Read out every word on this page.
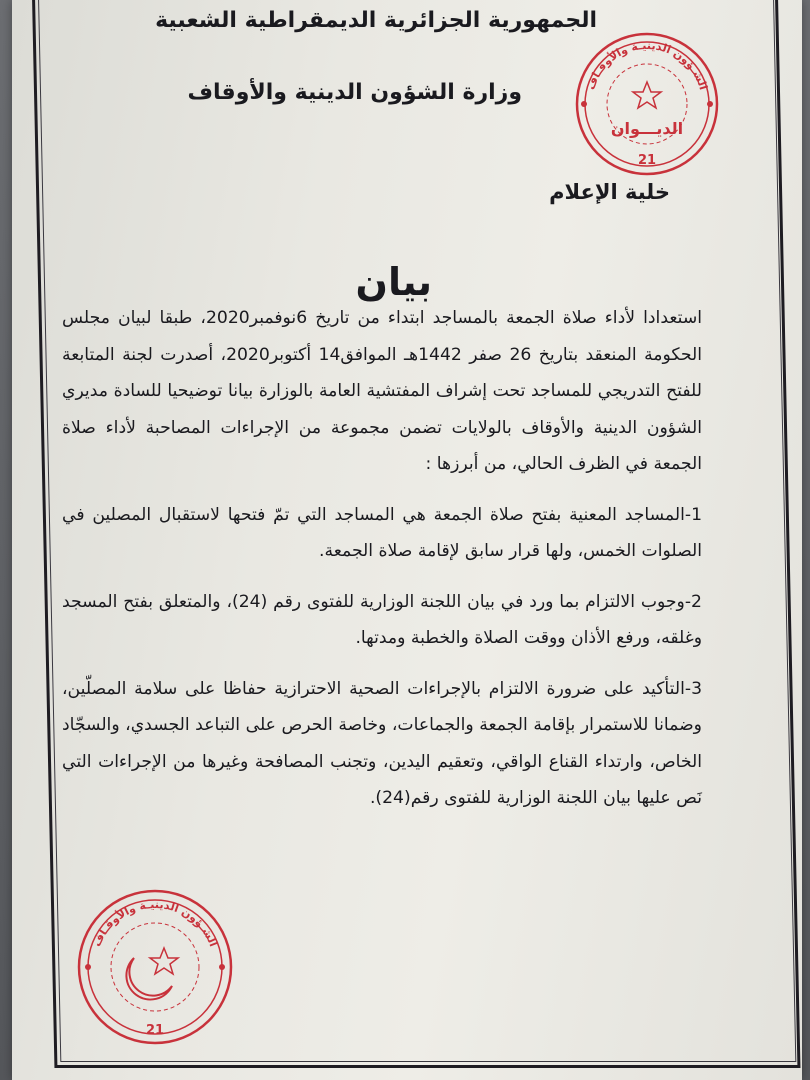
الجمهورية الجزائرية الديمقراطية الشعبية
وزارة الشؤون الدينية والأوقاف
خلية الإعلام
الشـؤون الدينيـة والأوقـاف
الديـــوان
21
بيان

استعدادا لأداء صلاة الجمعة بالمساجد ابتداء من تاريخ 6نوفمبر2020، طبقا لبيان مجلس الحكومة المنعقد بتاريخ 26 صفر 1442هـ الموافق14 أكتوبر2020، أصدرت لجنة المتابعة للفتح التدريجي للمساجد تحت إشراف المفتشية العامة بالوزارة بيانا توضيحيا للسادة مديري الشؤون الدينية والأوقاف بالولايات تضمن مجموعة من الإجراءات المصاحبة لأداء صلاة الجمعة في الظرف الحالي، من أبرزها :

1-المساجد المعنية بفتح صلاة الجمعة هي المساجد التي تمّ فتحها لاستقبال المصلين في الصلوات الخمس، ولها قرار سابق لإقامة صلاة الجمعة.

2-وجوب الالتزام بما ورد في بيان اللجنة الوزارية للفتوى رقم (24)، والمتعلق بفتح المسجد وغلقه، ورفع الأذان ووقت الصلاة والخطبة ومدتها.

3-التأكيد على ضرورة الالتزام بالإجراءات الصحية الاحترازية حفاظا على سلامة المصلّين، وضمانا للاستمرار بإقامة الجمعة والجماعات، وخاصة الحرص على التباعد الجسدي، والسجّاد الخاص، وارتداء القناع الواقي، وتعقيم اليدين، وتجنب المصافحة وغيرها من الإجراءات التي نَص عليها بيان اللجنة الوزارية للفتوى رقم(24).

الشـؤون الدينيـة والأوقـاف
21
